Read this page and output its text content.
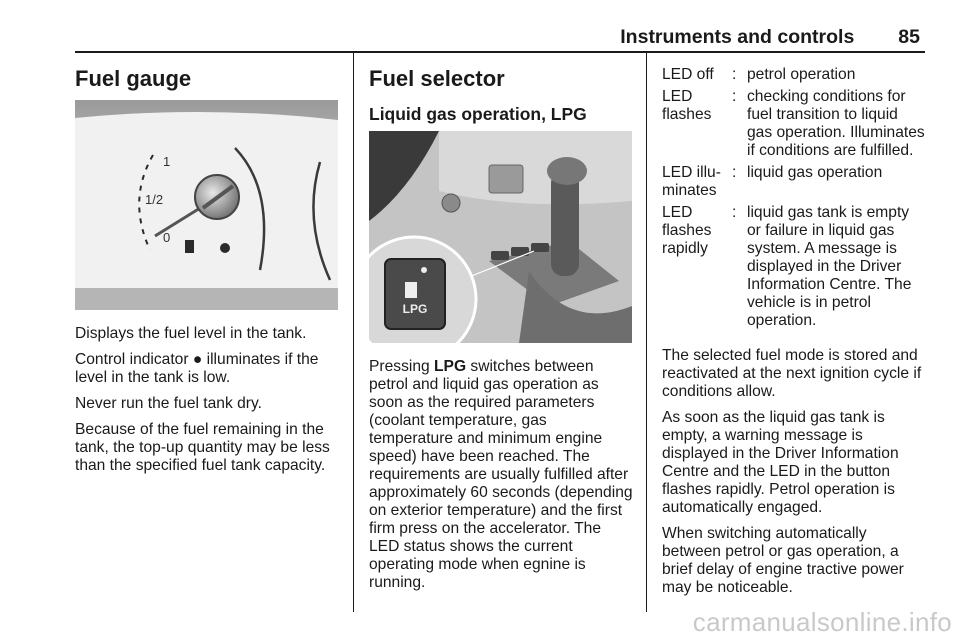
Instruments and controls 85
Fuel gauge
1
1/2
0

Displays the fuel level in the tank.

Control indicator ● illuminates if the level in the tank is low.

Never run the fuel tank dry.

Because of the fuel remaining in the tank, the top-up quantity may be less than the specified fuel tank capacity.

Fuel selector
Liquid gas operation, LPG
LPG

Pressing LPG switches between petrol and liquid gas operation as soon as the required parameters (coolant temperature, gas temperature and minimum engine speed) have been reached. The requirements are usually fulfilled after approximately 60 seconds (depending on exterior temperature) and the first firm press on the accelerator. The LED status shows the current operating mode when egnine is running.

LED off	:	petrol operation
LED flashes	:	checking conditions for fuel transition to liquid gas operation. Illuminates if conditions are fulfilled.
LED illu-minates	:	liquid gas operation
LED flashes rapidly	:	liquid gas tank is empty or failure in liquid gas system. A message is displayed in the Driver Information Centre. The vehicle is in petrol operation.

The selected fuel mode is stored and reactivated at the next ignition cycle if conditions allow.

As soon as the liquid gas tank is empty, a warning message is displayed in the Driver Information Centre and the LED in the button flashes rapidly. Petrol operation is automatically engaged.

When switching automatically between petrol or gas operation, a brief delay of engine tractive power may be noticeable.

carmanualsonline.info
